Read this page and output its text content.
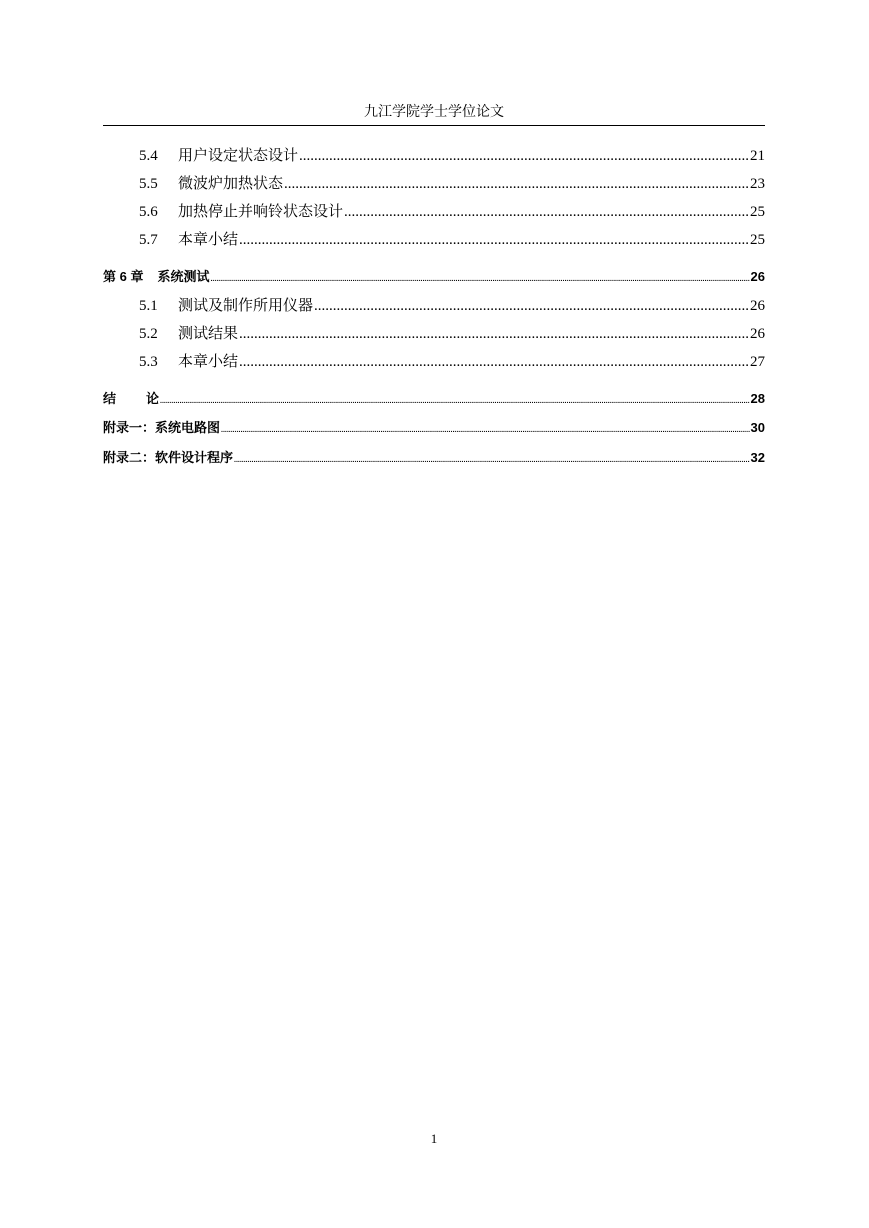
九江学院学士学位论文
5.4	用户设定状态设计 .....	21
5.5	微波炉加热状态 .....	23
5.6	加热停止并响铃状态设计 .....	25
5.7	本章小结 .....	25
第 6 章 系统测试 .....	26
5.1	测试及制作所用仪器 .....	26
5.2	测试结果 .....	26
5.3	本章小结 .....	27
结 论 .....	28
附录一：系统电路图 .....	30
附录二：软件设计程序 .....	32
1
